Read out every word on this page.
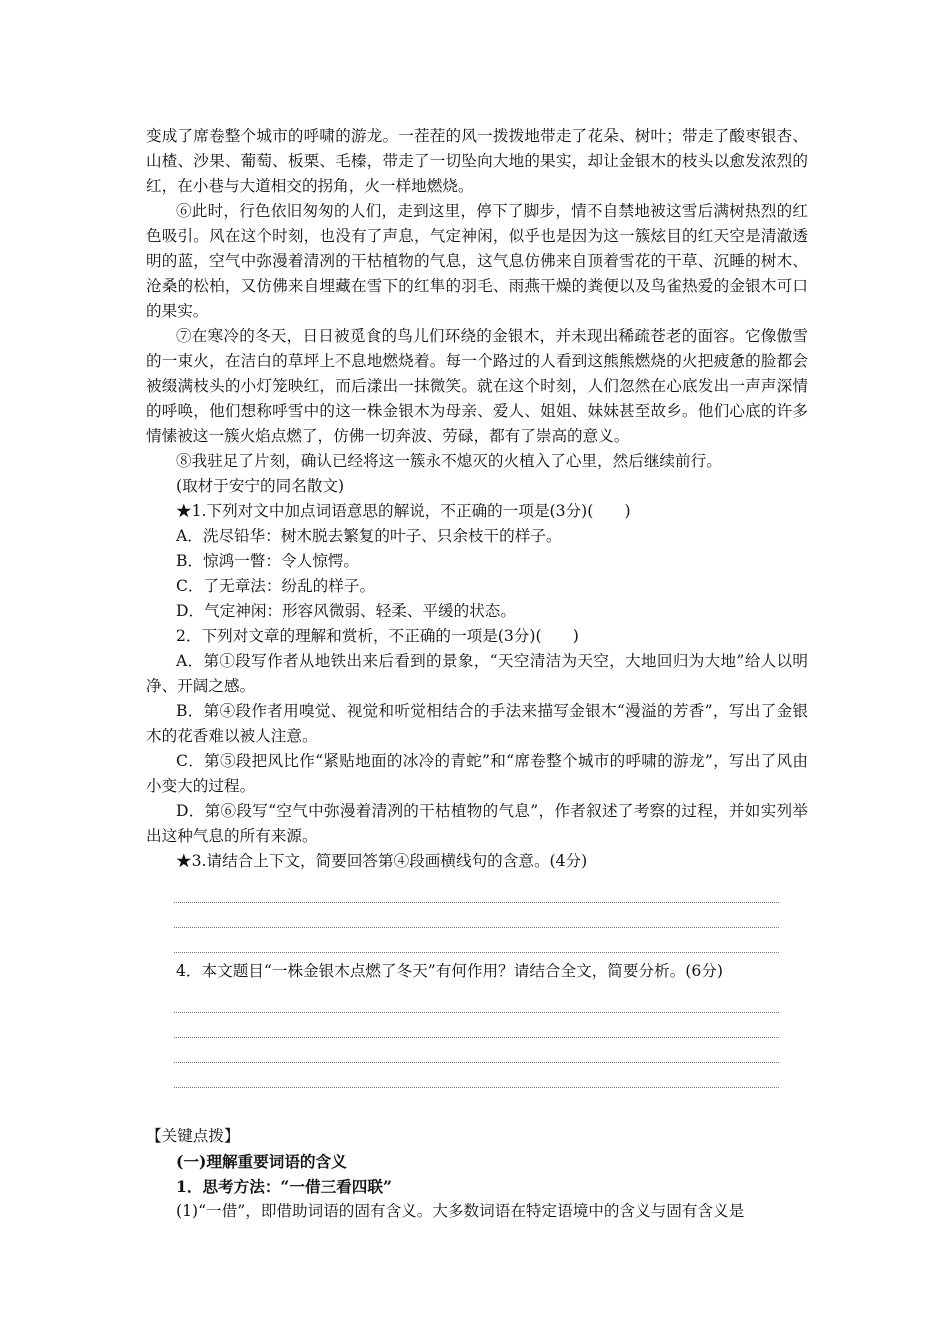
变成了席卷整个城市的呼啸的游龙。一茬茬的风一拨拨地带走了花朵、树叶；带走了酸枣银杏、山楂、沙果、葡萄、板栗、毛榛，带走了一切坠向大地的果实，却让金银木的枝头以愈发浓烈的红，在小巷与大道相交的拐角，火一样地燃烧。

⑥此时，行色依旧匆匆的人们，走到这里，停下了脚步，情不自禁地被这雪后满树热烈的红色吸引。风在这个时刻，也没有了声息，气定神闲，似乎也是因为这一簇炫目的红天空是清澈透明的蓝，空气中弥漫着清冽的干枯植物的气息，这气息仿佛来自顶着雪花的干草、沉睡的树木、沧桑的松柏，又仿佛来自埋藏在雪下的红隼的羽毛、雨燕干燥的粪便以及鸟雀热爱的金银木可口的果实。

⑦在寒冷的冬天，日日被觅食的鸟儿们环绕的金银木，并未现出稀疏苍老的面容。它像傲雪的一束火，在洁白的草坪上不息地燃烧着。每一个路过的人看到这熊熊燃烧的火把疲惫的脸都会被缀满枝头的小灯笼映红，而后漾出一抹微笑。就在这个时刻，人们忽然在心底发出一声声深情的呼唤，他们想称呼雪中的这一株金银木为母亲、爱人、姐姐、妹妹甚至故乡。他们心底的许多情愫被这一簇火焰点燃了，仿佛一切奔波、劳碌，都有了崇高的意义。

⑧我驻足了片刻，确认已经将这一簇永不熄灭的火植入了心里，然后继续前行。

(取材于安宁的同名散文)

★1.下列对文中加点词语意思的解说，不正确的一项是(3分)(　　)

A．洗尽铅华：树木脱去繁复的叶子、只余枝干的样子。

B．惊鸿一瞥：令人惊愕。

C．了无章法：纷乱的样子。

D．气定神闲：形容风微弱、轻柔、平缓的状态。

2．下列对文章的理解和赏析，不正确的一项是(3分)(　　)

A．第①段写作者从地铁出来后看到的景象，“天空清洁为天空，大地回归为大地”给人以明净、开阔之感。

B．第④段作者用嗅觉、视觉和听觉相结合的手法来描写金银木“漫溢的芳香”，写出了金银木的花香难以被人注意。

C．第⑤段把风比作“紧贴地面的冰冷的青蛇”和“席卷整个城市的呼啸的游龙”，写出了风由小变大的过程。

D．第⑥段写“空气中弥漫着清冽的干枯植物的气息”，作者叙述了考察的过程，并如实列举出这种气息的所有来源。

★3.请结合上下文，简要回答第④段画横线句的含意。(4分)

4．本文题目“一株金银木点燃了冬天”有何作用？请结合全文，简要分析。(6分)

【关键点拨】

(一)理解重要词语的含义

1．思考方法：“一借三看四联”

(1)“一借”，即借助词语的固有含义。大多数词语在特定语境中的含义与固有含义是
